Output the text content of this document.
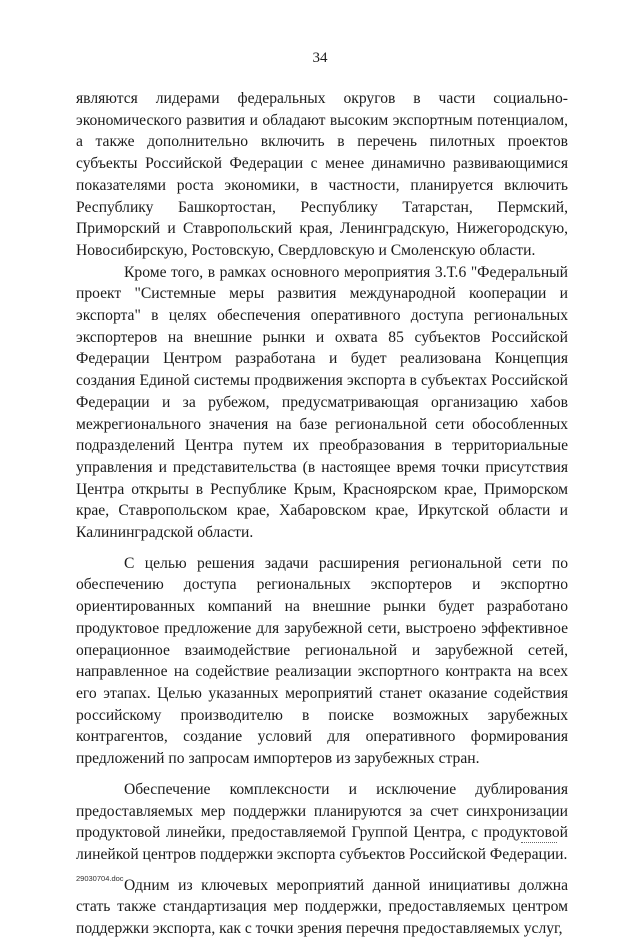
34

являются лидерами федеральных округов в части социально-экономического развития и обладают высоким экспортным потенциалом, а также дополнительно включить в перечень пилотных проектов субъекты Российской Федерации с менее динамично развивающимися показателями роста экономики, в частности, планируется включить Республику Башкортостан, Республику Татарстан, Пермский, Приморский и Ставропольский края, Ленинградскую, Нижегородскую, Новосибирскую, Ростовскую, Свердловскую и Смоленскую области.

Кроме того, в рамках основного мероприятия 3.Т.6 "Федеральный проект "Системные меры развития международной кооперации и экспорта" в целях обеспечения оперативного доступа региональных экспортеров на внешние рынки и охвата 85 субъектов Российской Федерации Центром разработана и будет реализована Концепция создания Единой системы продвижения экспорта в субъектах Российской Федерации и за рубежом, предусматривающая организацию хабов межрегионального значения на базе региональной сети обособленных подразделений Центра путем их преобразования в территориальные управления и представительства (в настоящее время точки присутствия Центра открыты в Республике Крым, Красноярском крае, Приморском крае, Ставропольском крае, Хабаровском крае, Иркутской области и Калининградской области.

С целью решения задачи расширения региональной сети по обеспечению доступа региональных экспортеров и экспортно ориентированных компаний на внешние рынки будет разработано продуктовое предложение для зарубежной сети, выстроено эффективное операционное взаимодействие региональной и зарубежной сетей, направленное на содействие реализации экспортного контракта на всех его этапах. Целью указанных мероприятий станет оказание содействия российскому производителю в поиске возможных зарубежных контрагентов, создание условий для оперативного формирования предложений по запросам импортеров из зарубежных стран.

Обеспечение комплексности и исключение дублирования предоставляемых мер поддержки планируются за счет синхронизации продуктовой линейки, предоставляемой Группой Центра, с продуктовой линейкой центров поддержки экспорта субъектов Российской Федерации.

Одним из ключевых мероприятий данной инициативы должна стать также стандартизация мер поддержки, предоставляемых центром поддержки экспорта, как с точки зрения перечня предоставляемых услуг,

29030704.doc
